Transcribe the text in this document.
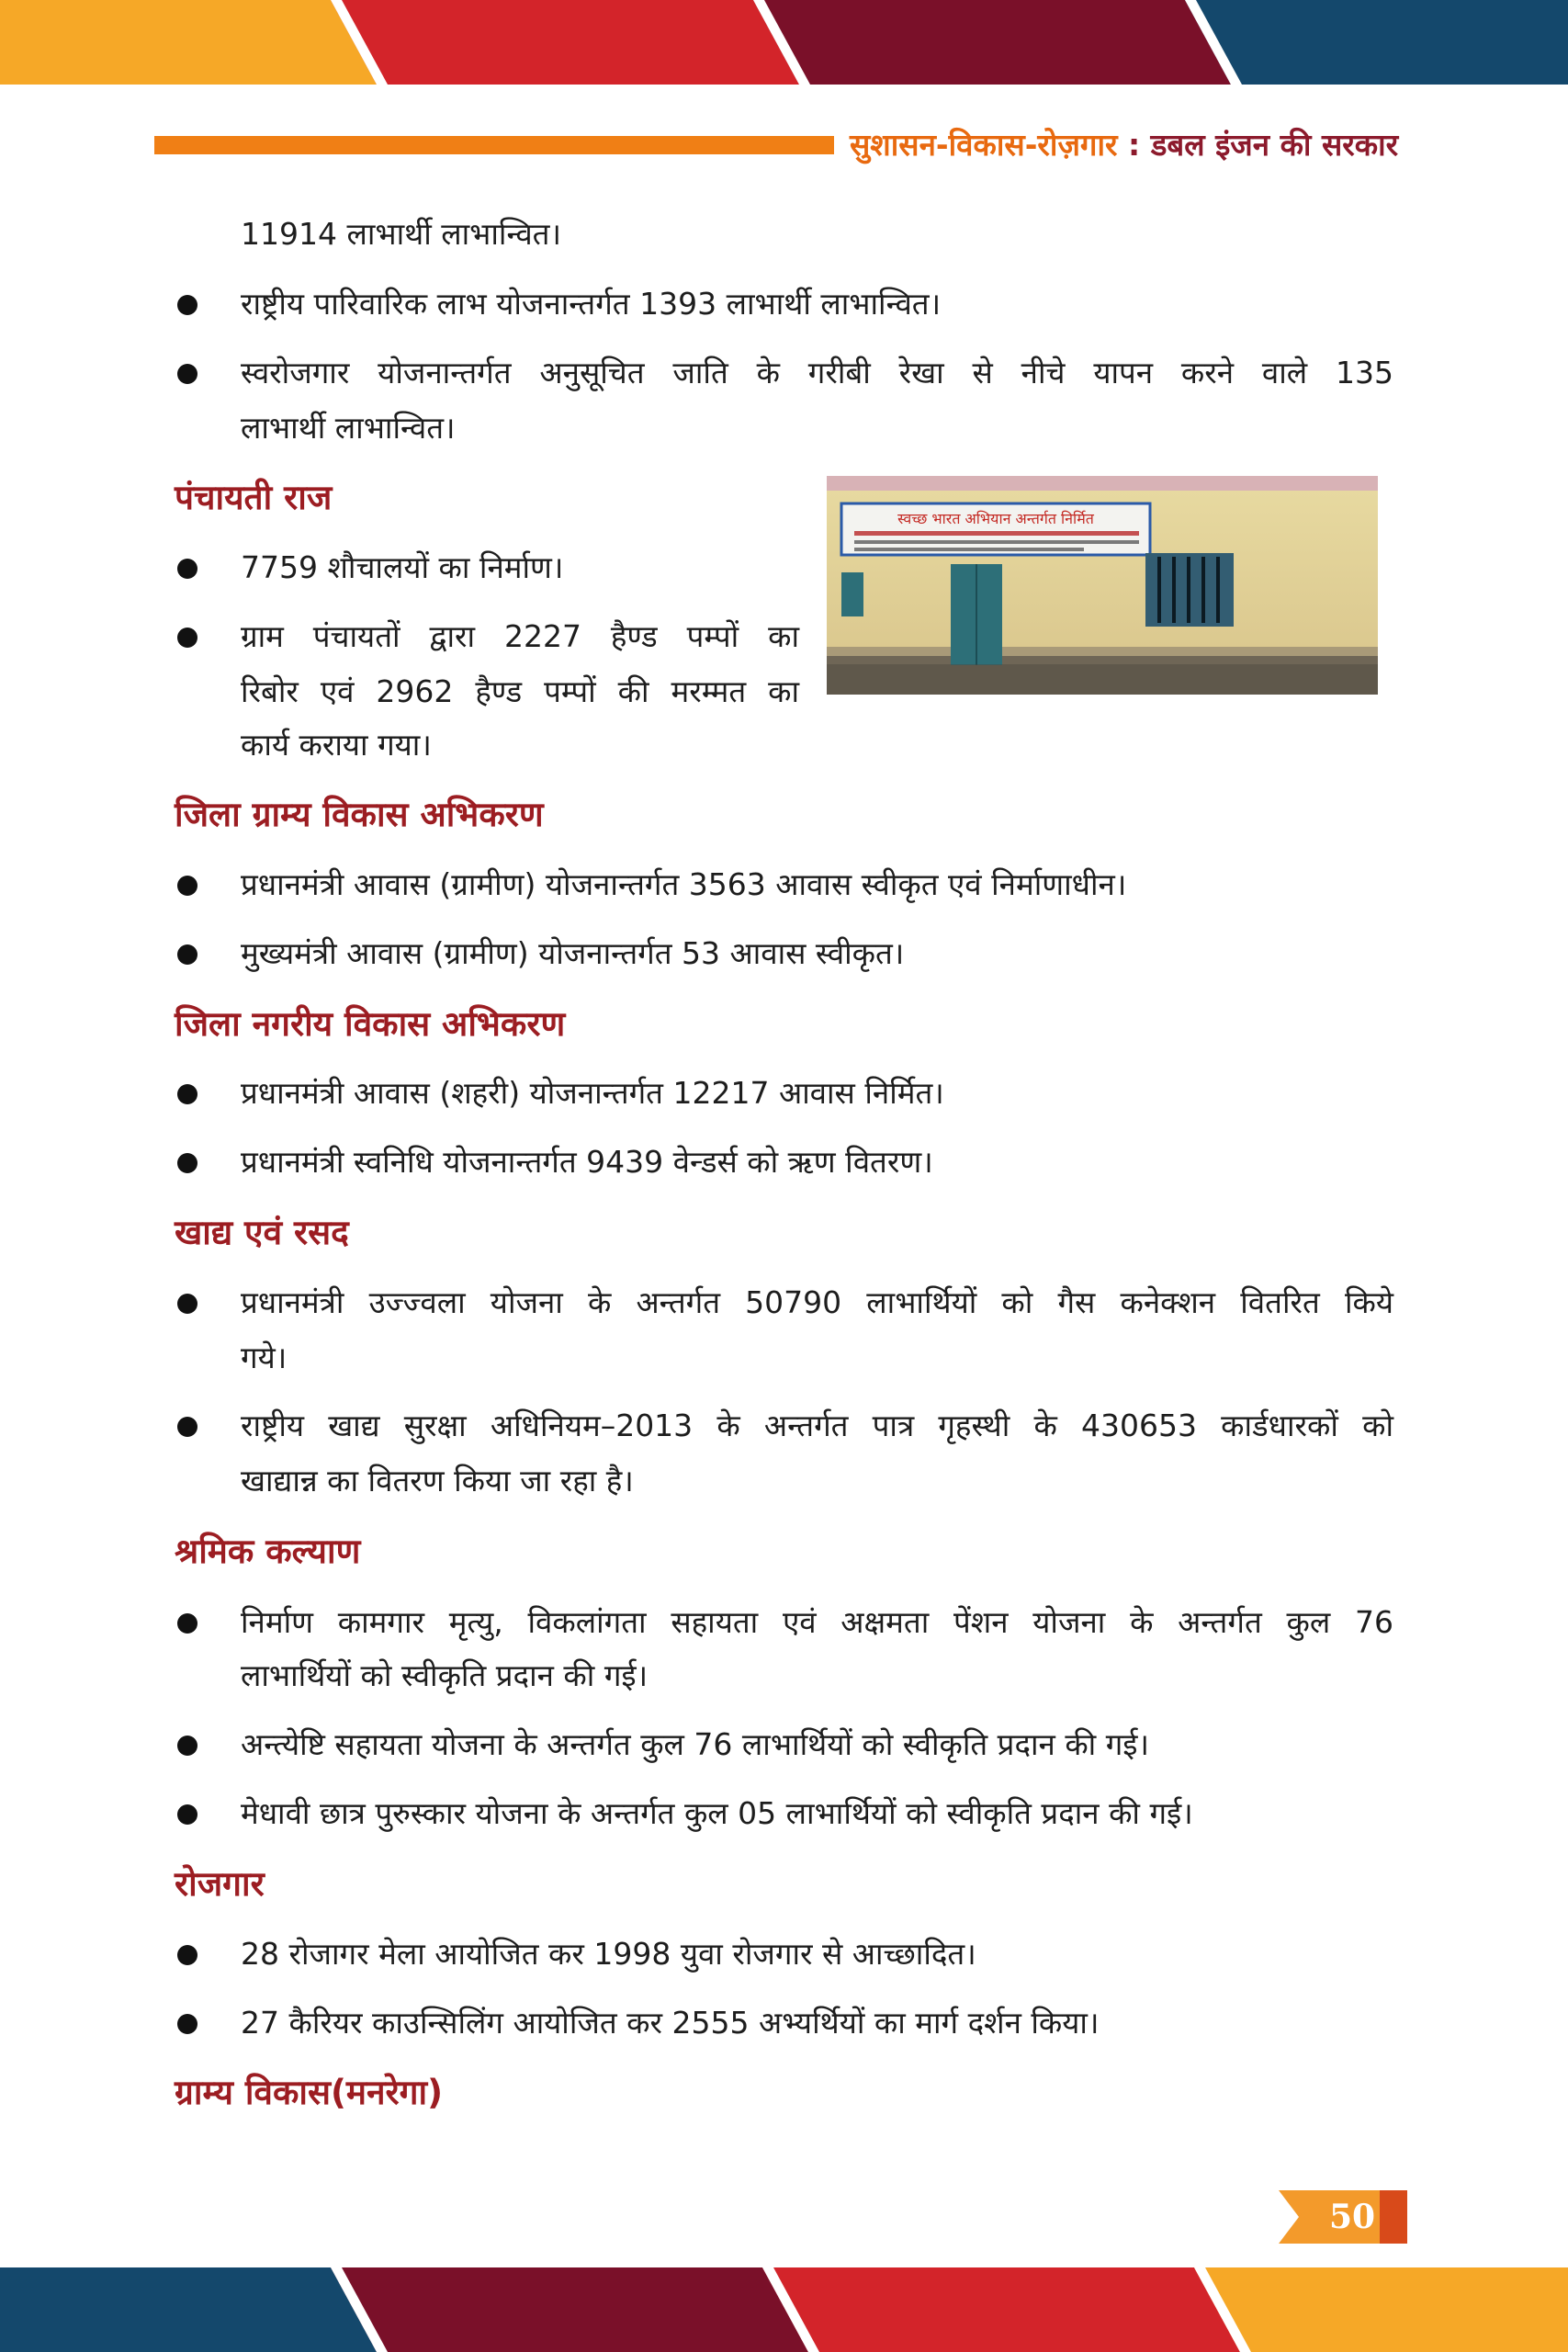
सुशासन-विकास-रोज़गार : डबल इंजन की सरकार
11914 लाभार्थी लाभान्वित।
राष्ट्रीय पारिवारिक लाभ योजनान्तर्गत 1393 लाभार्थी लाभान्वित।
स्वरोजगार योजनान्तर्गत अनुसूचित जाति के गरीबी रेखा से नीचे यापन करने वाले 135
लाभार्थी लाभान्वित।
पंचायती राज
7759 शौचालयों का निर्माण।
ग्राम पंचायतों द्वारा 2227 हैण्ड पम्पों का
रिबोर एवं 2962 हैण्ड पम्पों की मरम्मत का
कार्य कराया गया।
स्वच्छ भारत अभियान अन्तर्गत निर्मित
जिला ग्राम्य विकास अभिकरण
प्रधानमंत्री आवास (ग्रामीण) योजनान्तर्गत 3563 आवास स्वीकृत एवं निर्माणाधीन।
मुख्यमंत्री आवास (ग्रामीण) योजनान्तर्गत 53 आवास स्वीकृत।
जिला नगरीय विकास अभिकरण
प्रधानमंत्री आवास (शहरी) योजनान्तर्गत 12217 आवास निर्मित।
प्रधानमंत्री स्वनिधि योजनान्तर्गत 9439 वेन्डर्स को ऋण वितरण।
खाद्य एवं रसद
प्रधानमंत्री उज्ज्वला योजना के अन्तर्गत 50790 लाभार्थियों को गैस कनेक्शन वितरित किये
गये।
राष्ट्रीय खाद्य सुरक्षा अधिनियम–2013 के अन्तर्गत पात्र गृहस्थी के 430653 कार्डधारकों को
खाद्यान्न का वितरण किया जा रहा है।
श्रमिक कल्याण
निर्माण कामगार मृत्यु, विकलांगता सहायता एवं अक्षमता पेंशन योजना के अन्तर्गत कुल 76
लाभार्थियों को स्वीकृति प्रदान की गई।
अन्त्येष्टि सहायता योजना के अन्तर्गत कुल 76 लाभार्थियों को स्वीकृति प्रदान की गई।
मेधावी छात्र पुरुस्कार योजना के अन्तर्गत कुल 05 लाभार्थियों को स्वीकृति प्रदान की गई।
रोजगार
28 रोजागर मेला आयोजित कर 1998 युवा रोजगार से आच्छादित।
27 कैरियर काउन्सिलिंग आयोजित कर 2555 अभ्यर्थियों का मार्ग दर्शन किया।
ग्राम्य विकास(मनरेगा)
50
